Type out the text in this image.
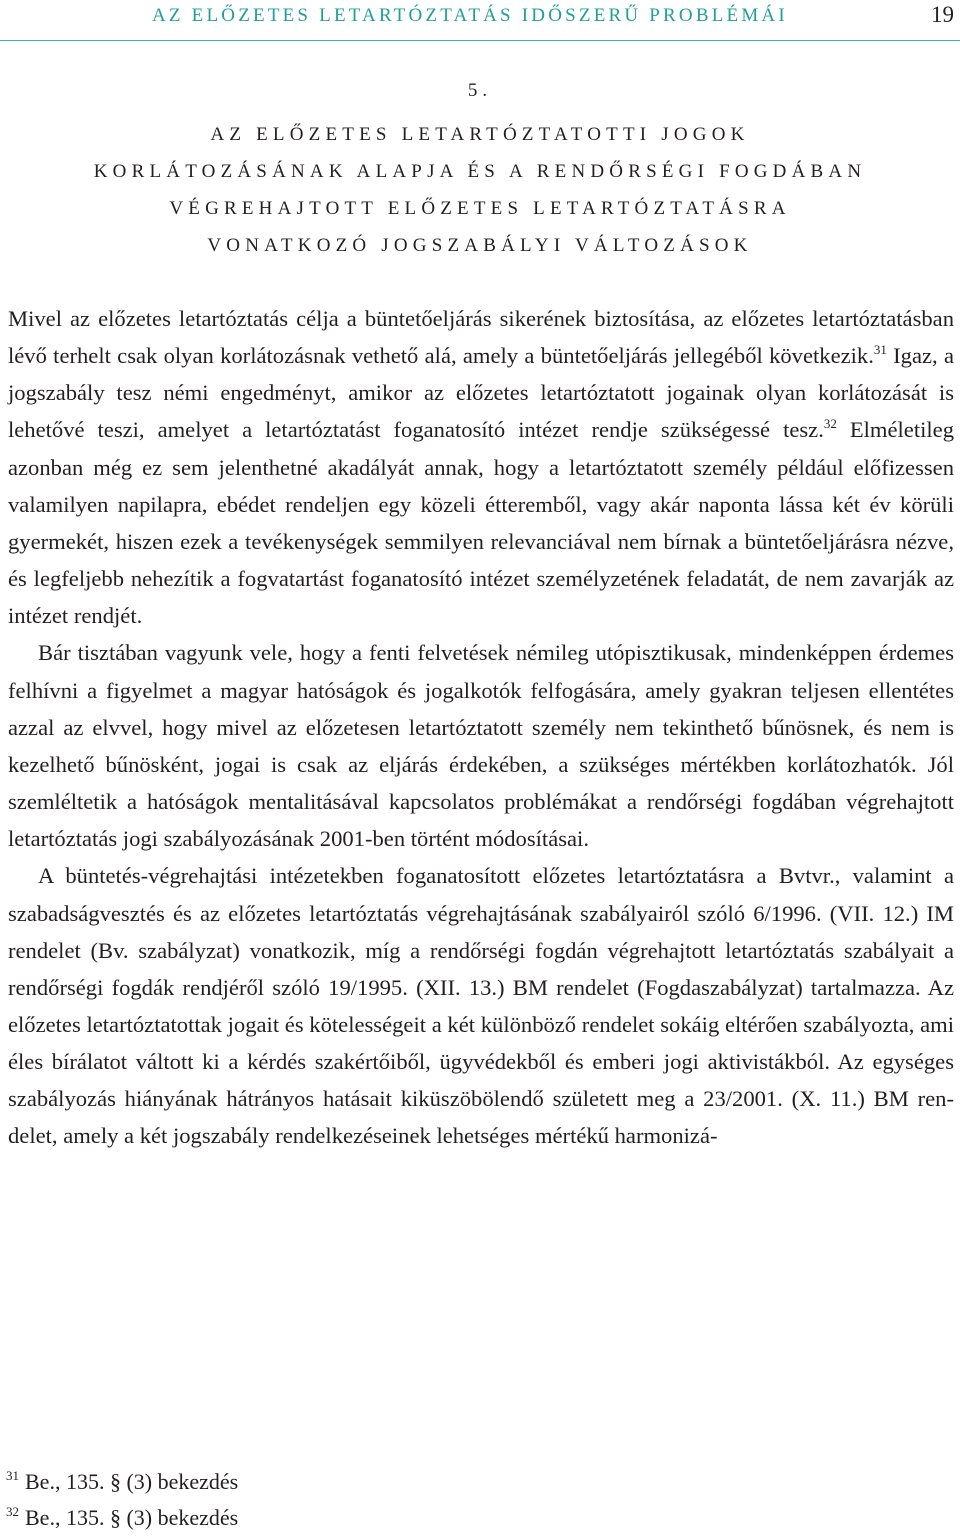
AZ ELŐZETES LETARTÓZTATÁS IDŐSZERŰ PROBLÉMÁI	19
5.
AZ ELŐZETES LETARTÓZTATOTTI JOGOK
KORLÁTOZÁSÁNAK ALAPJA ÉS A RENDŐRSÉGI FOGDÁBAN
VÉGREHAJTOTT ELŐZETES LETARTÓZTATÁSRA
VONATKOZÓ JOGSZABÁLYI VÁLTOZÁSOK

Mivel az előzetes letartóztatás célja a büntetőeljárás sikerének biztosítása, az előzetes letartóztatásban lévő terhelt csak olyan korlátozásnak vethető alá, amely a büntetőeljárás jellegéből következik.$^{31}$ Igaz, a jogszabály tesz némi engedményt, amikor az előzetes letartóztatott jogainak olyan korlátozását is lehetővé teszi, amelyet a letartóztatást foganatosító intézet rendje szükségessé tesz.$^{32}$ Elméletileg azonban még ez sem jelenthetné akadályát annak, hogy a letartóztatott személy például előfizessen valamilyen napilapra, ebédet rendeljen egy közeli étteremből, vagy akár naponta lássa két év körüli gyermekét, hiszen ezek a tevékenységek semmilyen relevanciával nem bírnak a büntetőeljárásra nézve, és legfeljebb nehezítik a fogvatartást foganatosító intézet személyzetének feladatát, de nem zavarják az intézet rendjét.

Bár tisztában vagyunk vele, hogy a fenti felvetések némileg utópisztikusak, mindenképpen érdemes felhívni a figyelmet a magyar hatóságok és jogalkotók felfogására, amely gyakran teljesen ellentétes azzal az elvvel, hogy mivel az előzetesen letartóztatott személy nem tekinthető bűnösnek, és nem is kezelhető bűnösként, jogai is csak az eljárás érdekében, a szükséges mértékben korlátozhatók. Jól szemléltetik a hatóságok mentalitásával kapcsolatos problémákat a rendőrségi fogdában végrehajtott letartóztatás jogi szabályozásának 2001-ben történt módosításai.

A büntetés-végrehajtási intézetekben foganatosított előzetes letartóztatásra a Bvtvr., valamint a szabadságvesztés és az előzetes letartóztatás végrehajtásának szabályairól szóló 6/1996. (VII. 12.) IM rendelet (Bv. szabályzat) vonatkozik, míg a rendőrségi fogdán végrehajtott letartóztatás szabályait a rendőrségi fogdák rendjéről szóló 19/1995. (XII. 13.) BM rendelet (Fogdaszabályzat) tartalmazza. Az előzetes letartóztatottak jogait és kötelességeit a két különböző rendelet sokáig eltérően szabályozta, ami éles bírálatot váltott ki a kérdés szakértőiből, ügyvédekből és emberi jogi aktivistákból. Az egységes szabályozás hiányának hátrányos hatásait kiküszöbölendő született meg a 23/2001. (X. 11.) BM rendelet, amely a két jogszabály rendelkezéseinek lehetséges mértékű harmonizá-

$^{31}$ Be., 135. § (3) bekezdés
$^{32}$ Be., 135. § (3) bekezdés
